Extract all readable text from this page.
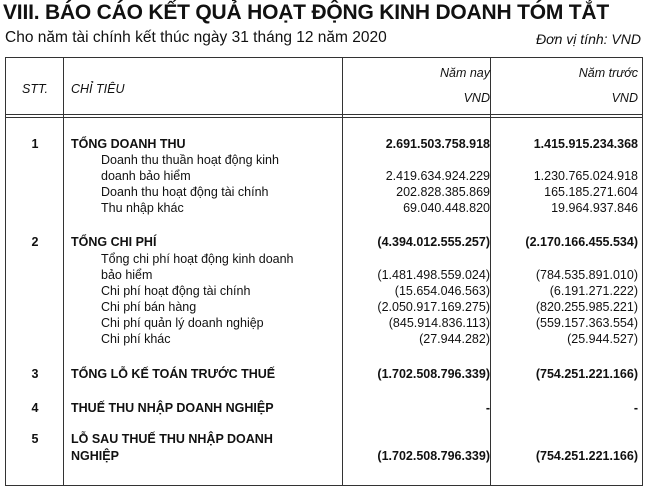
VIII. BÁO CÁO KẾT QUẢ HOẠT ĐỘNG KINH DOANH TÓM TẮT
Cho năm tài chính kết thúc ngày 31 tháng 12 năm 2020	Đơn vị tính: VND
STT.	CHỈ TIÊU
Năm nay
VND
Năm trước
VND
1	TỔNG DOANH THU	2.691.503.758.918	1.415.915.234.368
Doanh thu thuần hoạt động kinh
doanh bảo hiểm	2.419.634.924.229	1.230.765.024.918
Doanh thu hoạt động tài chính	202.828.385.869	165.185.271.604
Thu nhập khác	69.040.448.820	19.964.937.846
2	TỔNG CHI PHÍ	(4.394.012.555.257)	(2.170.166.455.534)
Tổng chi phí hoạt động kinh doanh
bảo hiểm	(1.481.498.559.024)	(784.535.891.010)
Chi phí hoạt động tài chính	(15.654.046.563)	(6.191.271.222)
Chi phí bán hàng	(2.050.917.169.275)	(820.255.985.221)
Chi phí quản lý doanh nghiệp	(845.914.836.113)	(559.157.363.554)
Chi phí khác	(27.944.282)	(25.944.527)
3	TỔNG LỖ KẾ TOÁN TRƯỚC THUẾ	(1.702.508.796.339)	(754.251.221.166)
4	THUẾ THU NHẬP DOANH NGHIỆP	-	-
5	LỖ SAU THUẾ THU NHẬP DOANH
NGHIỆP	(1.702.508.796.339)	(754.251.221.166)
